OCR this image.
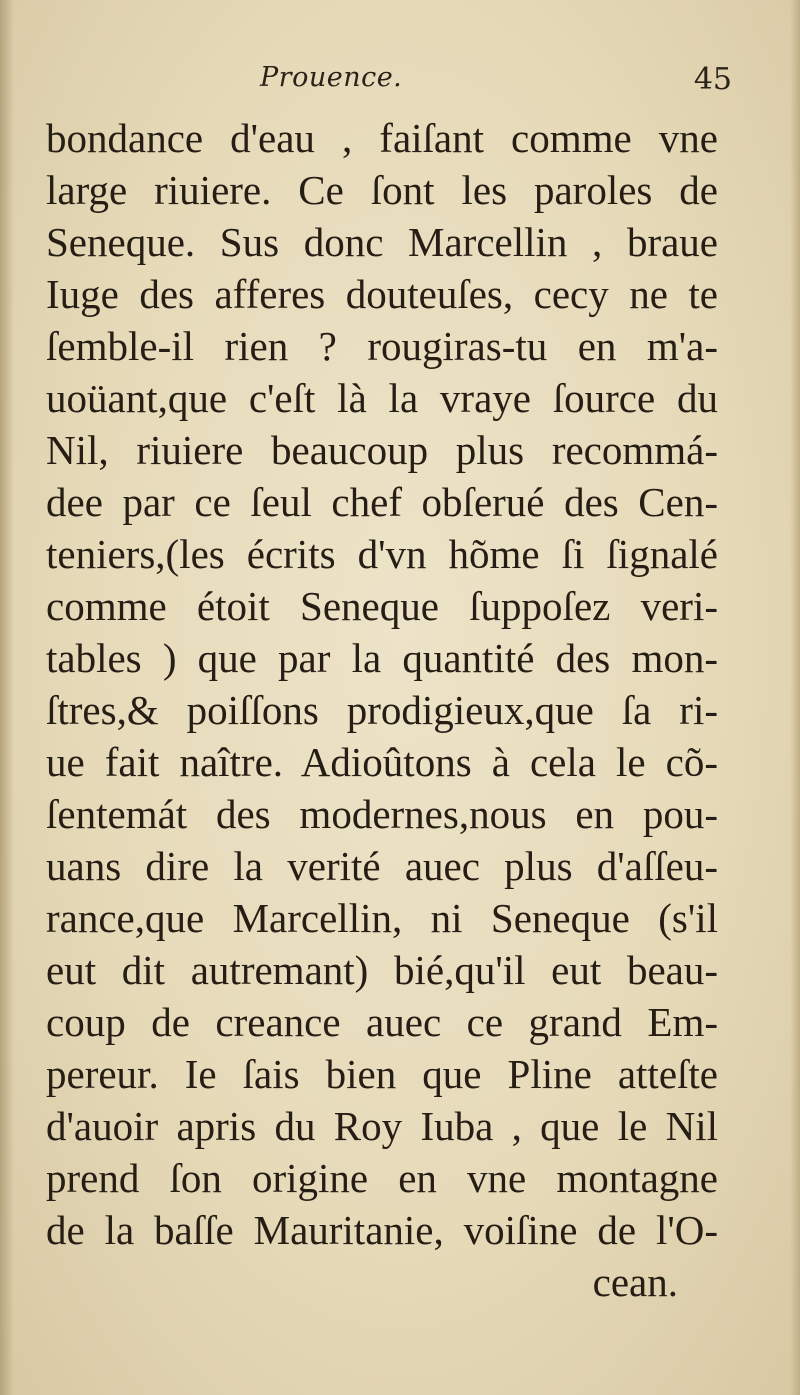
Prouence.	45
bondance d'eau , faiſant comme vne
large riuiere. Ce ſont les paroles de
Seneque. Sus donc Marcellin , braue
Iuge des afferes douteuſes, cecy ne te
ſemble-il rien ? rougiras-tu en m'a-
uoüant,que c'eſt là la vraye ſource du
Nil, riuiere beaucoup plus recommá-
dee par ce ſeul chef obſerué des Cen-
teniers,(les écrits d'vn hõme ſi ſignalé
comme étoit Seneque ſuppoſez veri-
tables ) que par la quantité des mon-
ſtres,& poiſſons prodigieux,que ſa ri-
ue fait naître. Adioûtons à cela le cõ-
ſentemát des modernes,nous en pou-
uans dire la verité auec plus d'aſſeu-
rance,que Marcellin, ni Seneque (s'il
eut dit autremant) bié,qu'il eut beau-
coup de creance auec ce grand Em-
pereur. Ie ſais bien que Pline atteſte
d'auoir apris du Roy Iuba , que le Nil
prend ſon origine en vne montagne
de la baſſe Mauritanie, voiſine de l'O-
cean.
